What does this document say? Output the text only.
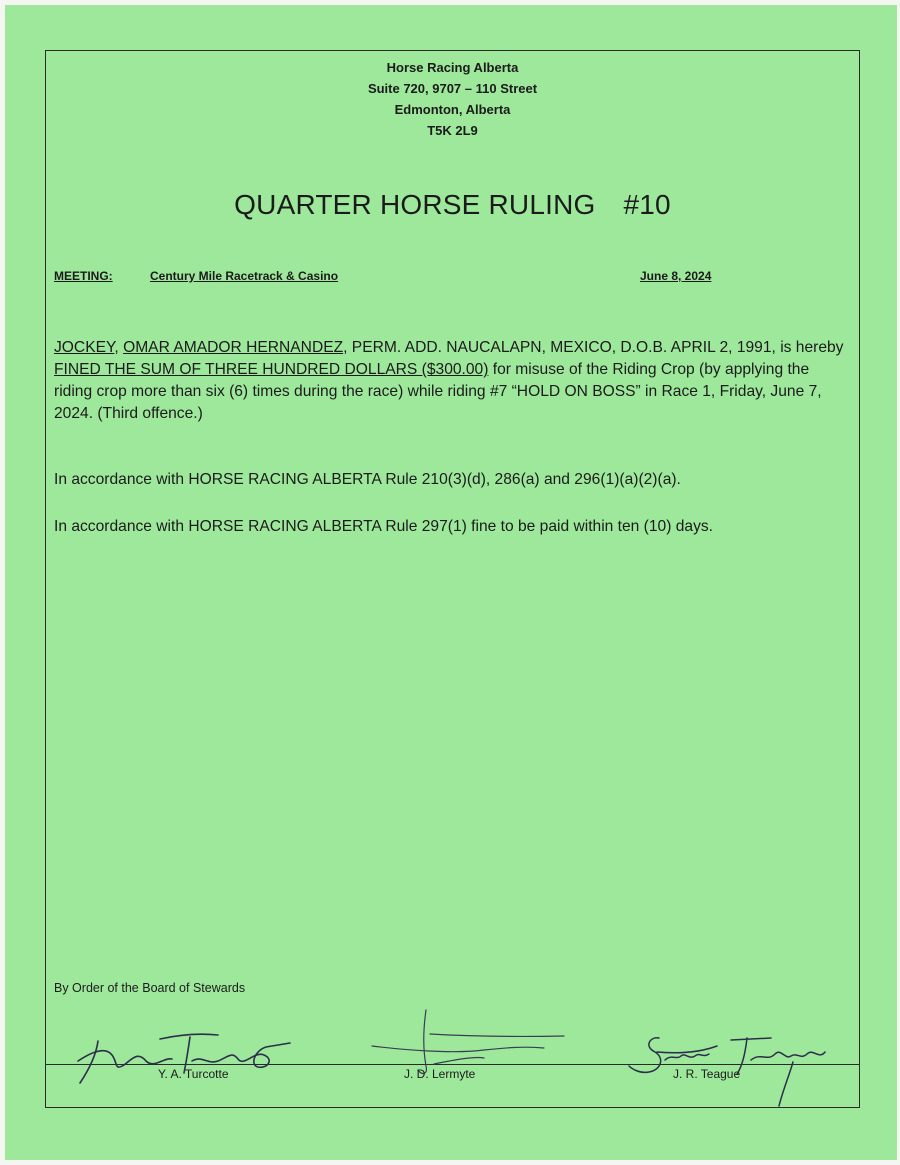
Horse Racing Alberta
Suite 720, 9707 – 110 Street
Edmonton, Alberta
T5K 2L9
QUARTER HORSE RULING #10
MEETING:	Century Mile Racetrack & Casino	June 8, 2024
JOCKEY, OMAR AMADOR HERNANDEZ, PERM. ADD. NAUCALAPN, MEXICO, D.O.B. APRIL 2, 1991, is hereby FINED THE SUM OF THREE HUNDRED DOLLARS ($300.00) for misuse of the Riding Crop (by applying the riding crop more than six (6) times during the race) while riding #7 “HOLD ON BOSS” in Race 1, Friday, June 7, 2024. (Third offence.)
In accordance with HORSE RACING ALBERTA Rule 210(3)(d), 286(a) and 296(1)(a)(2)(a).
In accordance with HORSE RACING ALBERTA Rule 297(1) fine to be paid within ten (10) days.
By Order of the Board of Stewards
Y. A. Turcotte	J. D. Lermyte	J. R. Teague
